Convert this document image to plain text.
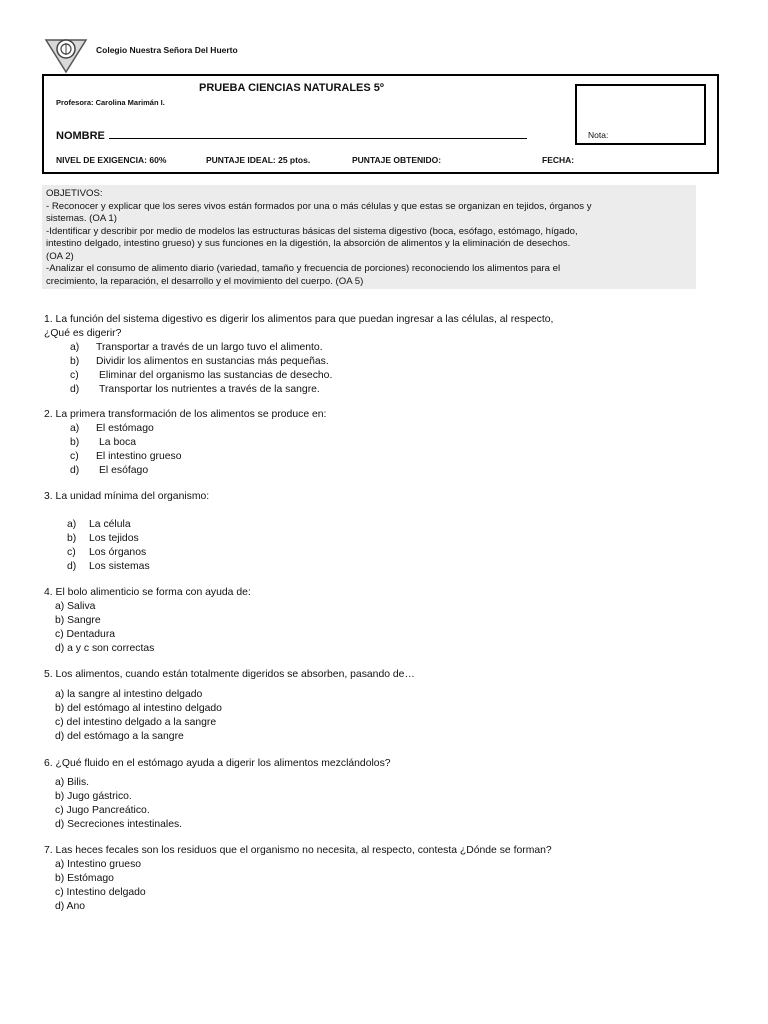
Colegio Nuestra Señora Del Huerto
PRUEBA CIENCIAS NATURALES 5º
Profesora: Carolina Marimán I.
NOMBRE
NIVEL DE EXIGENCIA: 60%	PUNTAJE IDEAL: 25 ptos.	PUNTAJE OBTENIDO:	FECHA:
Nota:
OBJETIVOS:
- Reconocer y explicar que los seres vivos están formados por una o más células y que estas se organizan en tejidos, órganos y
sistemas. (OA 1)
-Identificar y describir por medio de modelos las estructuras básicas del sistema digestivo (boca, esófago, estómago, hígado,
intestino delgado, intestino grueso) y sus funciones en la digestión, la absorción de alimentos y la eliminación de desechos.
(OA 2)
-Analizar el consumo de alimento diario (variedad, tamaño y frecuencia de porciones) reconociendo los alimentos para el
crecimiento, la reparación, el desarrollo y el movimiento del cuerpo. (OA 5)
1. La función del sistema digestivo es digerir los alimentos para que puedan ingresar a las células, al respecto,
¿Qué es digerir?
a) Transportar a través de un largo tuvo el alimento.
b) Dividir los alimentos en sustancias más pequeñas.
c) Eliminar del organismo las sustancias de desecho.
d) Transportar los nutrientes a través de la sangre.
2. La primera transformación de los alimentos se produce en:
a) El estómago
b) La boca
c) El intestino grueso
d) El esófago
3. La unidad mínima del organismo:
a) La célula
b) Los tejidos
c) Los órganos
d) Los sistemas
4. El bolo alimenticio se forma con ayuda de:
a) Saliva
b) Sangre
c) Dentadura
d) a y c son correctas
5. Los alimentos, cuando están totalmente digeridos se absorben, pasando de…
a) la sangre al intestino delgado
b) del estómago al intestino delgado
c) del intestino delgado a la sangre
d) del estómago a la sangre
6. ¿Qué fluido en el estómago ayuda a digerir los alimentos mezclándolos?
a) Bilis.
b) Jugo gástrico.
c) Jugo Pancreático.
d) Secreciones intestinales.
7. Las heces fecales son los residuos que el organismo no necesita, al respecto, contesta ¿Dónde se forman?
a) Intestino grueso
b) Estómago
c) Intestino delgado
d) Ano
